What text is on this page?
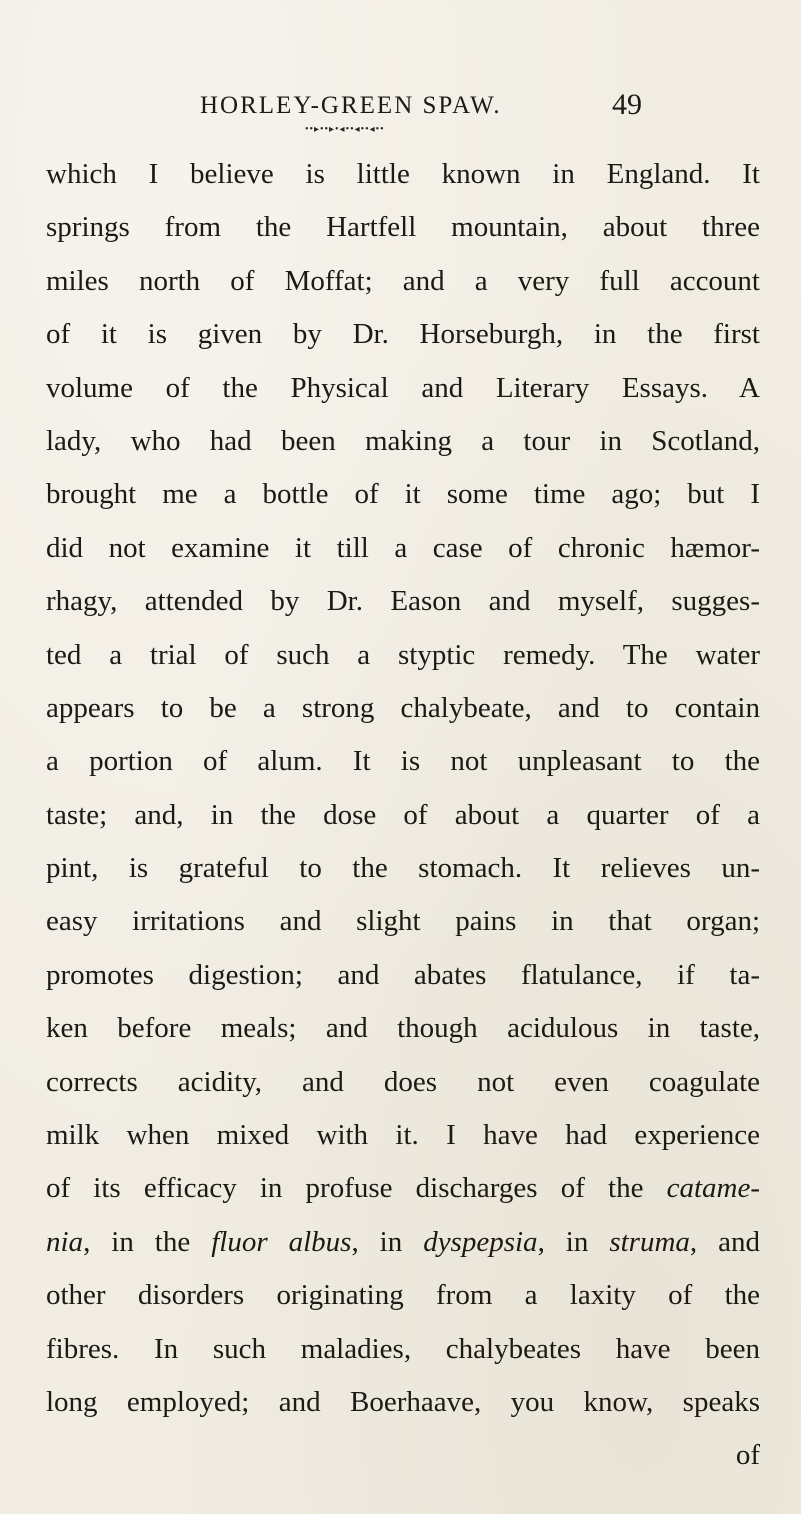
HORLEY-GREEN SPAW.	49
••▸••▸•◂••◂••◂••
which I believe is little known in England. It
springs from the Hartfell mountain, about three
miles north of Moffat; and a very full account
of it is given by Dr. Horseburgh, in the first
volume of the Physical and Literary Essays. A
lady, who had been making a tour in Scotland,
brought me a bottle of it some time ago; but I
did not examine it till a case of chronic hæmor-
rhagy, attended by Dr. Eason and myself, sugges-
ted a trial of such a styptic remedy. The water
appears to be a strong chalybeate, and to contain
a portion of alum. It is not unpleasant to the
taste; and, in the dose of about a quarter of a
pint, is grateful to the stomach. It relieves un-
easy irritations and slight pains in that organ;
promotes digestion; and abates flatulance, if ta-
ken before meals; and though acidulous in taste,
corrects acidity, and does not even coagulate
milk when mixed with it. I have had experience
of its efficacy in profuse discharges of the catame-
nia, in the fluor albus, in dyspepsia, in struma, and
other disorders originating from a laxity of the
fibres. In such maladies, chalybeates have been
long employed; and Boerhaave, you know, speaks
of
